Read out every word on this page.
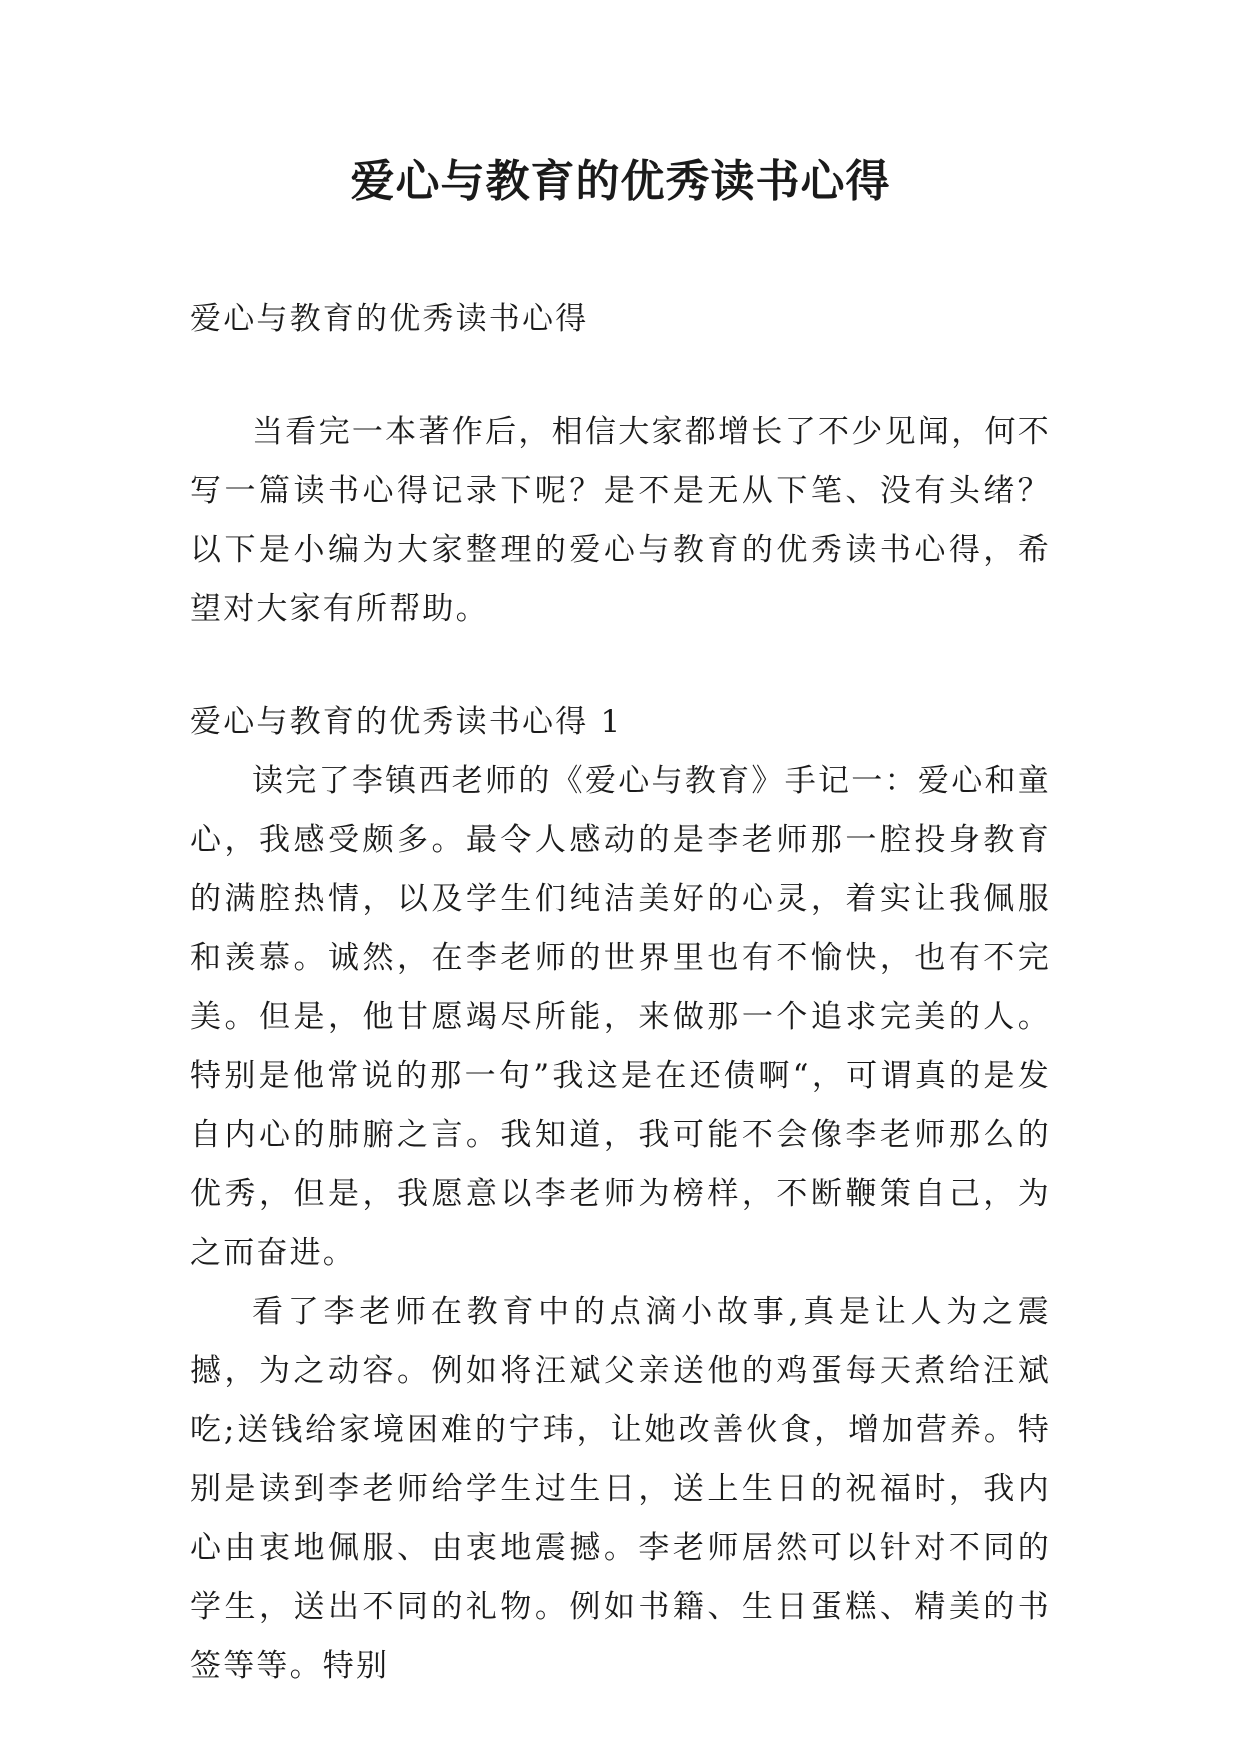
爱心与教育的优秀读书心得

爱心与教育的优秀读书心得

当看完一本著作后，相信大家都增长了不少见闻，何不写一篇读书心得记录下呢？是不是无从下笔、没有头绪？以下是小编为大家整理的爱心与教育的优秀读书心得，希望对大家有所帮助。

爱心与教育的优秀读书心得 1

读完了李镇西老师的《爱心与教育》手记一：爱心和童心，我感受颇多。最令人感动的是李老师那一腔投身教育的满腔热情，以及学生们纯洁美好的心灵，着实让我佩服和羡慕。诚然，在李老师的世界里也有不愉快，也有不完美。但是，他甘愿竭尽所能，来做那一个追求完美的人。特别是他常说的那一句”我这是在还债啊“，可谓真的是发自内心的肺腑之言。我知道，我可能不会像李老师那么的优秀，但是，我愿意以李老师为榜样，不断鞭策自己，为之而奋进。

看了李老师在教育中的点滴小故事,真是让人为之震撼，为之动容。例如将汪斌父亲送他的鸡蛋每天煮给汪斌吃;送钱给家境困难的宁玮，让她改善伙食，增加营养。特别是读到李老师给学生过生日，送上生日的祝福时，我内心由衷地佩服、由衷地震撼。李老师居然可以针对不同的学生，送出不同的礼物。例如书籍、生日蛋糕、精美的书签等等。特别
